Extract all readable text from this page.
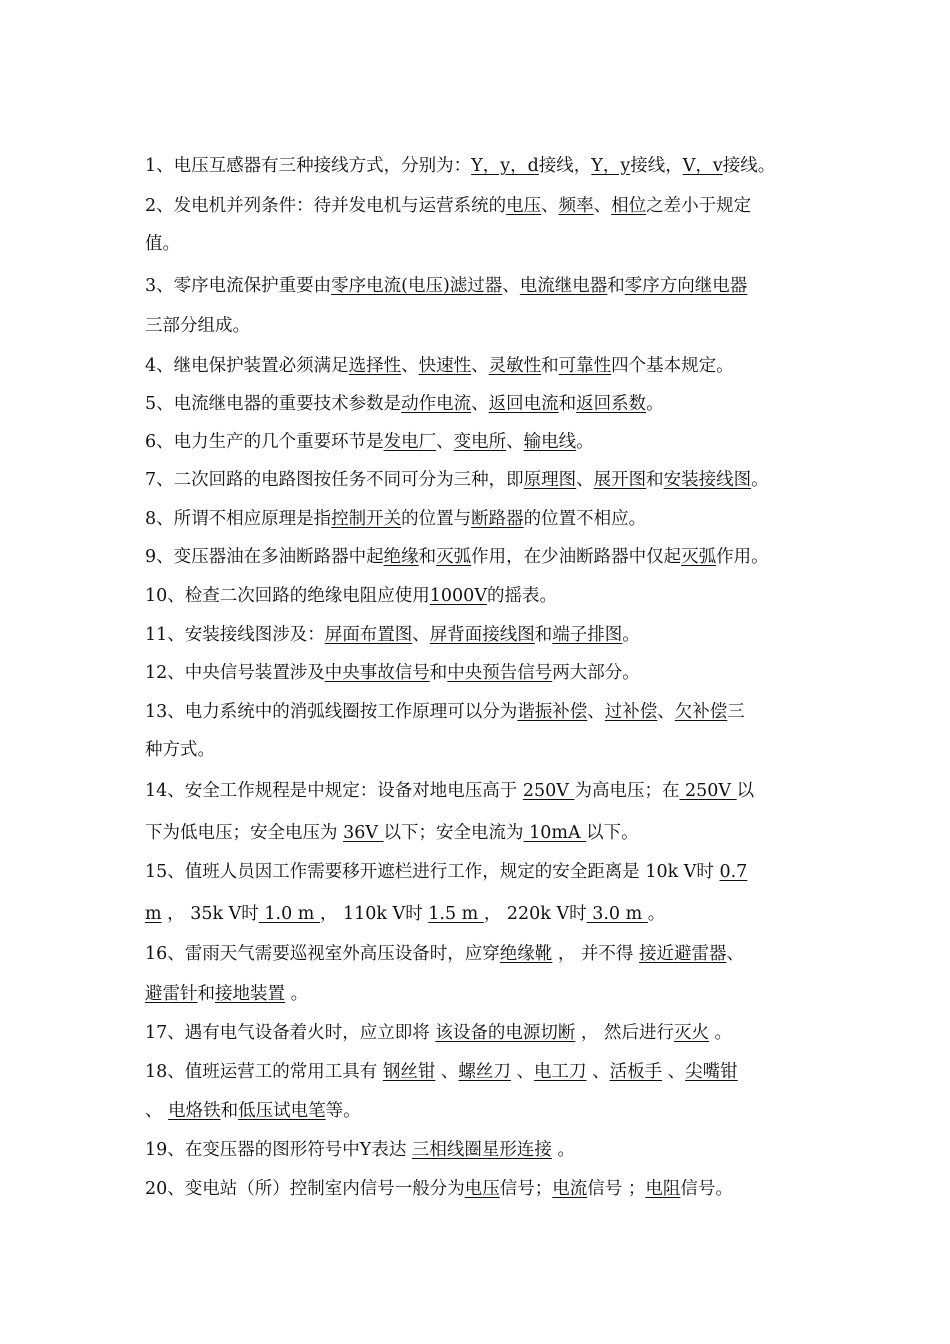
1、电压互感器有三种接线方式，分别为：Y，y，d接线，Y，y接线，V，v接线。
2、发电机并列条件：待并发电机与运营系统的电压、频率、相位之差小于规定
值。
3、零序电流保护重要由零序电流(电压)滤过器、电流继电器和零序方向继电器
三部分组成。
4、继电保护装置必须满足选择性、快速性、灵敏性和可靠性四个基本规定。
5、电流继电器的重要技术参数是动作电流、返回电流和返回系数。
6、电力生产的几个重要环节是发电厂、变电所、输电线。
7、二次回路的电路图按任务不同可分为三种，即原理图、展开图和安装接线图。
8、所谓不相应原理是指控制开关的位置与断路器的位置不相应。
9、变压器油在多油断路器中起绝缘和灭弧作用，在少油断路器中仅起灭弧作用。
10、检查二次回路的绝缘电阻应使用1000V的摇表。
11、安装接线图涉及：屏面布置图、屏背面接线图和端子排图。
12、中央信号装置涉及中央事故信号和中央预告信号两大部分。
13、电力系统中的消弧线圈按工作原理可以分为谐振补偿、过补偿、欠补偿三
种方式。
14、安全工作规程是中规定：设备对地电压高于 250V 为高电压；在 250V 以
下为低电压；安全电压为 36V 以下；安全电流为 10mA 以下。
15、值班人员因工作需要移开遮栏进行工作，规定的安全距离是 10k V时 0.7
m ， 35k V时 1.0 m ， 110k V时 1.5 m ， 220k V时 3.0 m 。
16、雷雨天气需要巡视室外高压设备时，应穿绝缘靴 ， 并不得 接近避雷器、
避雷针和接地装置 。
17、遇有电气设备着火时，应立即将 该设备的电源切断 ， 然后进行灭火 。
18、值班运营工的常用工具有 钢丝钳 、螺丝刀 、电工刀 、活板手 、尖嘴钳
、 电烙铁和低压试电笔等。
19、在变压器的图形符号中Y表达 三相线圈星形连接 。
20、变电站（所）控制室内信号一般分为电压信号；电流信号 ；电阻信号。
